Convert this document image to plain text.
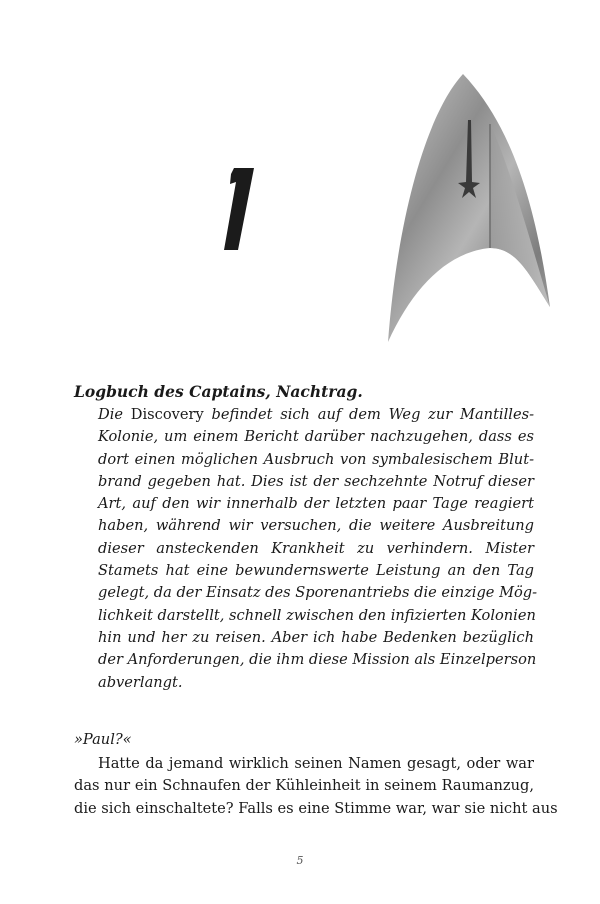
Logbuch des Captains, Nachtrag.
Die Discovery befindet sich auf dem Weg zur Mantilles-
Kolonie, um einem Bericht darüber nachzugehen, dass es
dort einen möglichen Ausbruch von symbalesischem Blut-
brand gegeben hat. Dies ist der sechzehnte Notruf dieser
Art, auf den wir innerhalb der letzten paar Tage reagiert
haben, während wir versuchen, die weitere Ausbreitung
dieser ansteckenden Krankheit zu verhindern. Mister
Stamets hat eine bewundernswerte Leistung an den Tag
gelegt, da der Einsatz des Sporenantriebs die einzige Mög-
lichkeit darstellt, schnell zwischen den infizierten Kolonien
hin und her zu reisen. Aber ich habe Bedenken bezüglich
der Anforderungen, die ihm diese Mission als Einzelperson
abverlangt.
»Paul?«
Hatte da jemand wirklich seinen Namen gesagt, oder war
das nur ein Schnaufen der Kühleinheit in seinem Raumanzug,
die sich einschaltete? Falls es eine Stimme war, war sie nicht aus
5
